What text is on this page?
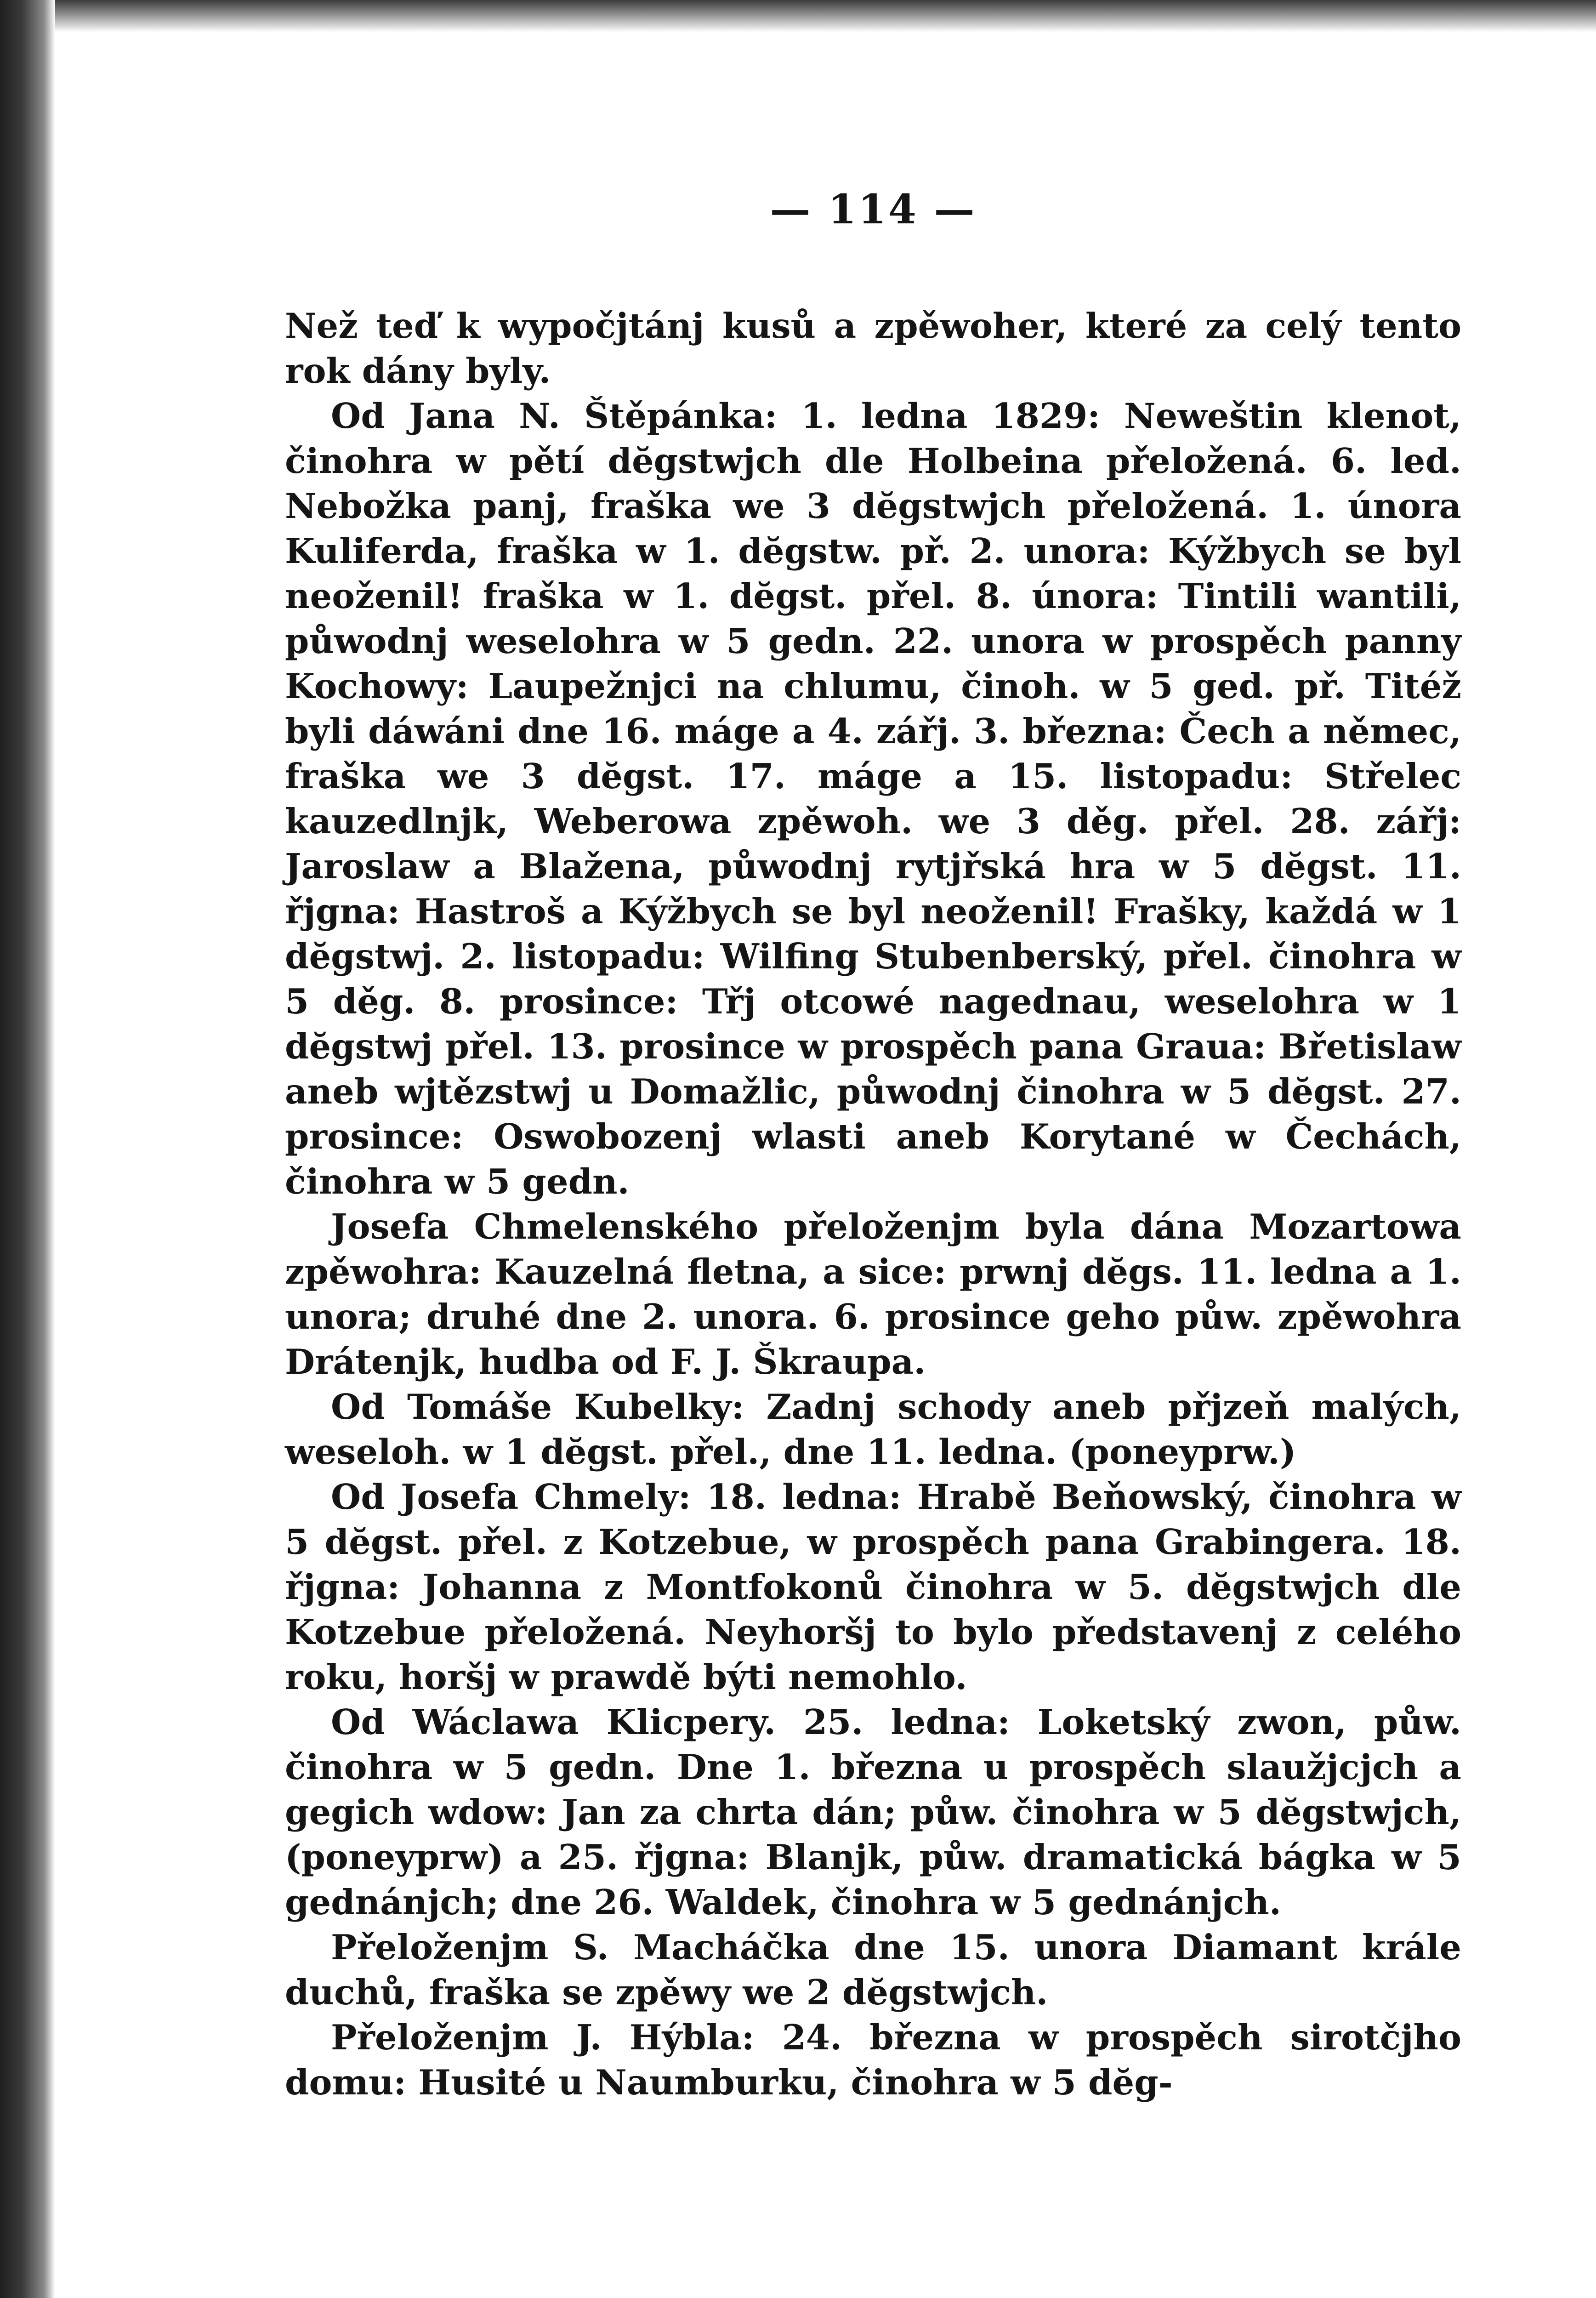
— 114 —

Než teď k wypočjtánj kusů a zpěwoher, které za celý tento rok dány byly.

Od Jana N. Štěpánka: 1. ledna 1829: Neweštin klenot, činohra w pětí dĕgstwjch dle Holbeina přeložená. 6. led. Nebožka panj, fraška we 3 dĕgstwjch přeložená. 1. února Kuliferda, fraška w 1. dĕgstw. př. 2. unora: Kýžbych se byl neoženil! fraška w 1. dĕgst. přel. 8. února: Tintili wantili, půwodnj weselohra w 5 gedn. 22. unora w prospěch panny Kochowy: Laupežnjci na chlumu, činoh. w 5 ged. př. Titéž byli dáwáni dne 16. máge a 4. zářj. 3. března: Čech a němec, fraška we 3 dĕgst. 17. máge a 15. listopadu: Střelec kauzedlnjk, Weberowa zpěwoh. we 3 děg. přel. 28. zářj: Jaroslaw a Blažena, půwodnj rytjřská hra w 5 dĕgst. 11. řjgna: Hastroš a Kýžbych se byl neoženil! Frašky, každá w 1 dĕgstwj. 2. listopadu: Wilfing Stubenberský, přel. činohra w 5 děg. 8. prosince: Třj otcowé nagednau, weselohra w 1 dĕgstwj přel. 13. prosince w prospěch pana Graua: Břetislaw aneb wjtězstwj u Domažlic, půwodnj činohra w 5 dĕgst. 27. prosince: Oswobozenj wlasti aneb Korytané w Čechách, činohra w 5 gedn.

Josefa Chmelenského přeloženjm byla dána Mozartowa zpěwohra: Kauzelná fletna, a sice: prwnj dĕgs. 11. ledna a 1. unora; druhé dne 2. unora. 6. prosince geho půw. zpěwohra Drátenjk, hudba od F. J. Škraupa.

Od Tomáše Kubelky: Zadnj schody aneb přjzeň malých, weseloh. w 1 dĕgst. přel., dne 11. ledna. (poneyprw.)

Od Josefa Chmely: 18. ledna: Hrabě Beňowský, činohra w 5 dĕgst. přel. z Kotzebue, w prospěch pana Grabingera. 18. řjgna: Johanna z Montfokonů činohra w 5. dĕgstwjch dle Kotzebue přeložená. Neyhoršj to bylo představenj z celého roku, horšj w prawdě býti nemohlo.

Od Wáclawa Klicpery. 25. ledna: Loketský zwon, půw. činohra w 5 gedn. Dne 1. března u prospěch slaužjcjch a gegich wdow: Jan za chrta dán; půw. činohra w 5 dĕgstwjch, (poneyprw) a 25. řjgna: Blanjk, půw. dramatická bágka w 5 gednánjch; dne 26. Waldek, činohra w 5 gednánjch.

Přeloženjm S. Macháčka dne 15. unora Diamant krále duchů, fraška se zpěwy we 2 dĕgstwjch.

Přeloženjm J. Hýbla: 24. března w prospěch sirotčjho domu: Husité u Naumburku, činohra w 5 dĕg-
